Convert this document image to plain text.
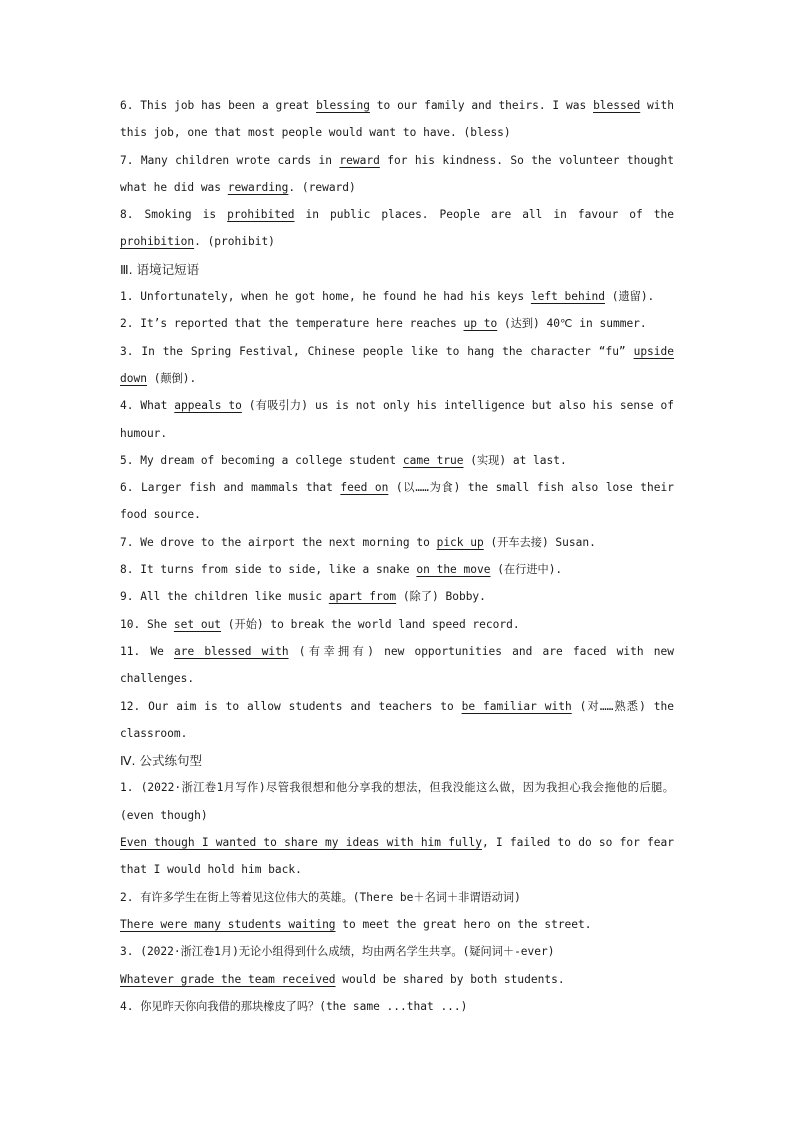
6. This job has been a great blessing to our family and theirs. I was blessed with this job, one that most people would want to have. (bless)

7. Many children wrote cards in reward for his kindness. So the volunteer thought what he did was rewarding. (reward)

8. Smoking is prohibited in public places. People are all in favour of the prohibition. (prohibit)

Ⅲ. 语境记短语

1. Unfortunately, when he got home, he found he had his keys left behind (遗留).

2. It’s reported that the temperature here reaches up to (达到) 40℃ in summer.

3. In the Spring Festival, Chinese people like to hang the character “fu” upside down (颠倒).

4. What appeals to (有吸引力) us is not only his intelligence but also his sense of humour.

5. My dream of becoming a college student came true (实现) at last.

6. Larger fish and mammals that feed on (以……为食) the small fish also lose their food source.

7. We drove to the airport the next morning to pick up (开车去接) Susan.

8. It turns from side to side, like a snake on the move (在行进中).

9. All the children like music apart from (除了) Bobby.

10. She set out (开始) to break the world land speed record.

11. We are blessed with (有幸拥有) new opportunities and are faced with new challenges.

12. Our aim is to allow students and teachers to be familiar with (对……熟悉) the classroom.

Ⅳ. 公式练句型

1. (2022·浙江卷1月写作)尽管我很想和他分享我的想法，但我没能这么做，因为我担心我会拖他的后腿。(even though)

Even though I wanted to share my ideas with him fully, I failed to do so for fear that I would hold him back.

2. 有许多学生在街上等着见这位伟大的英雄。(There be＋名词＋非谓语动词)

There were many students waiting to meet the great hero on the street.

3. (2022·浙江卷1月)无论小组得到什么成绩，均由两名学生共享。(疑问词＋-ever)

Whatever grade the team received would be shared by both students.

4. 你见昨天你向我借的那块橡皮了吗？(the same ...that ...)
